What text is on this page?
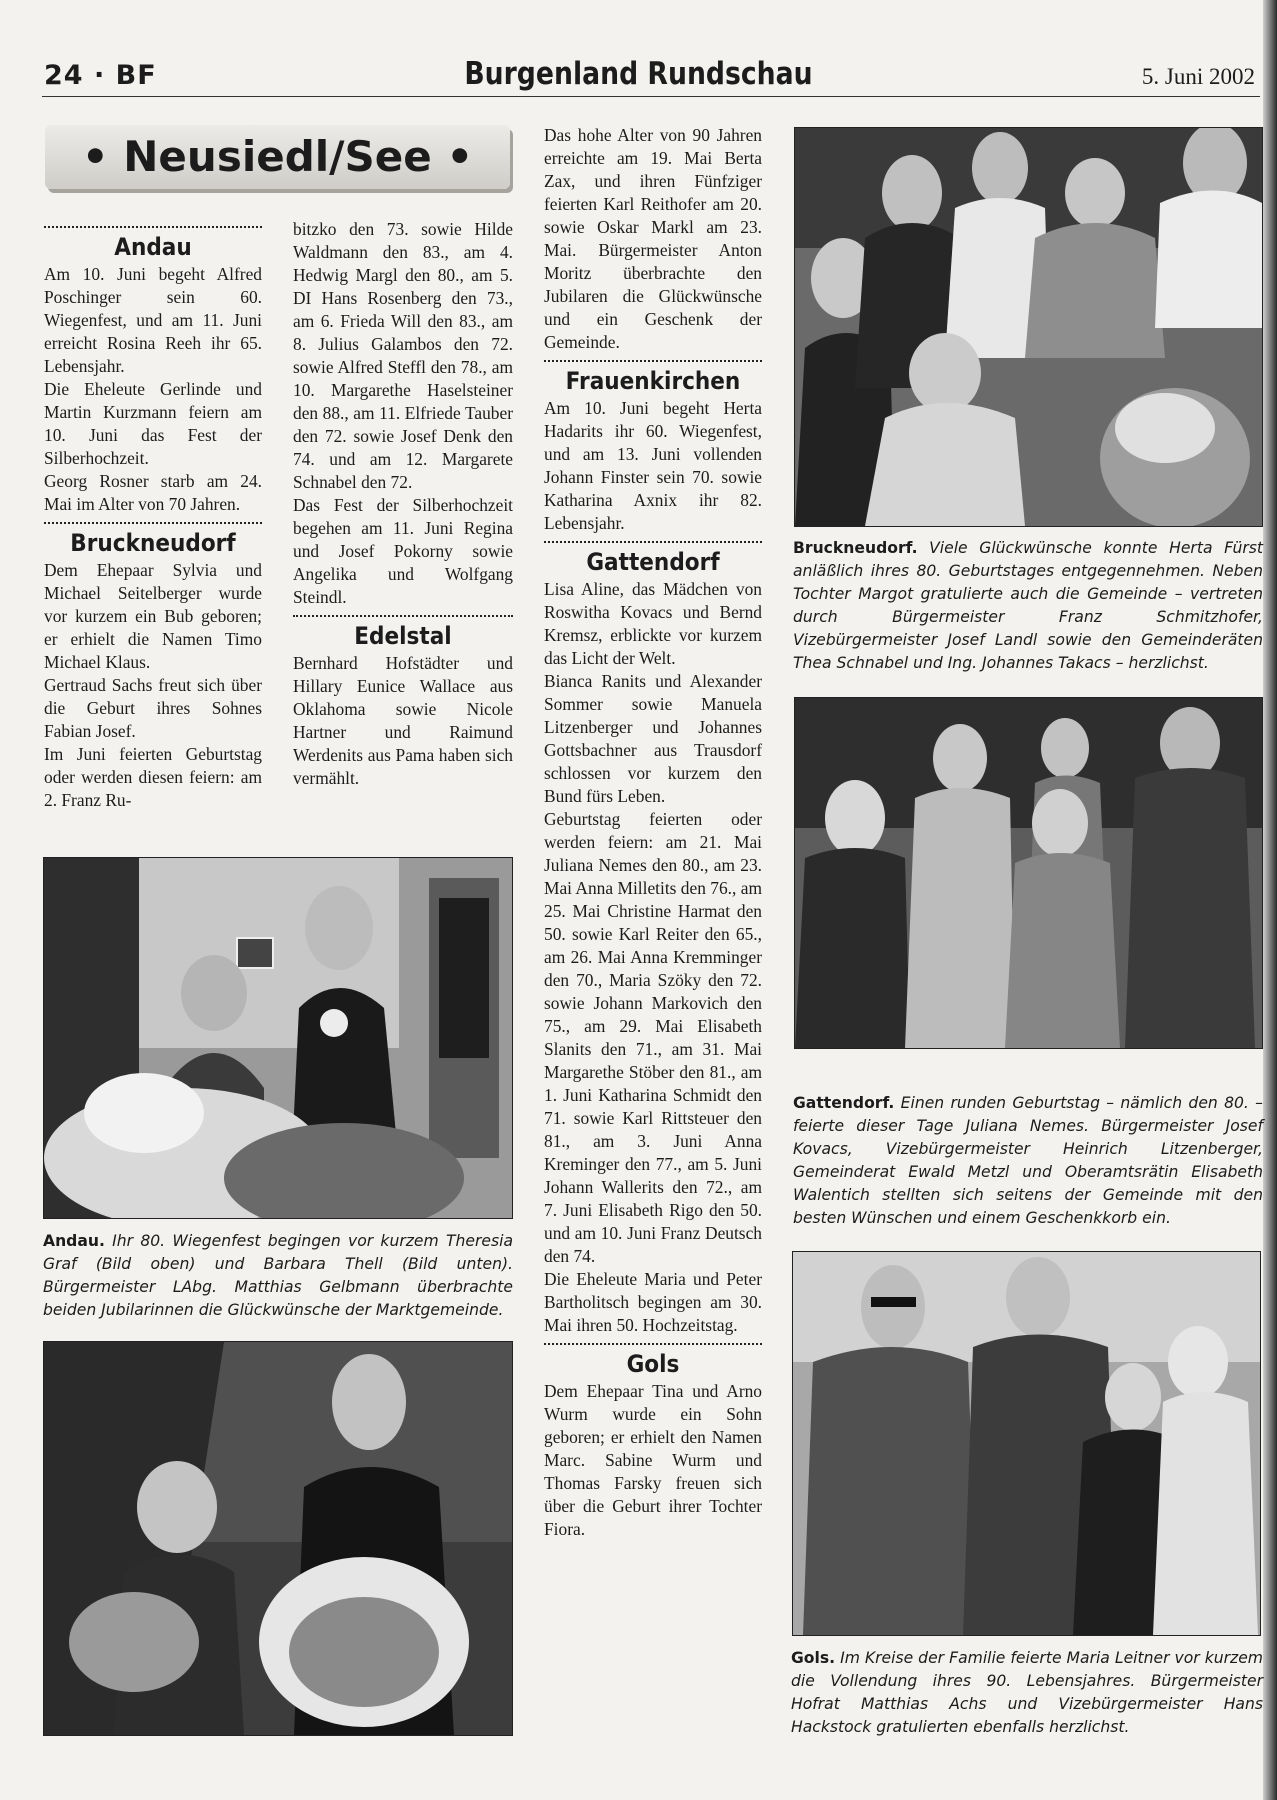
24 · BF	Burgenland Rundschau	5. Juni 2002
• Neusiedl/See •
Andau

Am 10. Juni begeht Alfred Poschinger sein 60. Wiegenfest, und am 11. Juni erreicht Rosina Reeh ihr 65. Lebensjahr.

Die Eheleute Gerlinde und Martin Kurzmann feiern am 10. Juni das Fest der Silberhochzeit.

Georg Rosner starb am 24. Mai im Alter von 70 Jahren.

Bruckneudorf

Dem Ehepaar Sylvia und Michael Seitelberger wurde vor kurzem ein Bub geboren; er erhielt die Namen Timo Michael Klaus.

Gertraud Sachs freut sich über die Geburt ihres Sohnes Fabian Josef.

Im Juni feierten Geburtstag oder werden diesen feiern: am 2. Franz Ru-

bitzko den 73. sowie Hilde Waldmann den 83., am 4. Hedwig Margl den 80., am 5. DI Hans Rosenberg den 73., am 6. Frieda Will den 83., am 8. Julius Galambos den 72. sowie Alfred Steffl den 78., am 10. Margarethe Haselsteiner den 88., am 11. Elfriede Tauber den 72. sowie Josef Denk den 74. und am 12. Margarete Schnabel den 72.

Das Fest der Silberhochzeit begehen am 11. Juni Regina und Josef Pokorny sowie Angelika und Wolfgang Steindl.

Edelstal

Bernhard Hofstädter und Hillary Eunice Wallace aus Oklahoma sowie Nicole Hartner und Raimund Werdenits aus Pama haben sich vermählt.

Das hohe Alter von 90 Jahren erreichte am 19. Mai Berta Zax, und ihren Fünfziger feierten Karl Reithofer am 20. sowie Oskar Markl am 23. Mai. Bürgermeister Anton Moritz überbrachte den Jubilaren die Glückwünsche und ein Geschenk der Gemeinde.

Frauenkirchen

Am 10. Juni begeht Herta Hadarits ihr 60. Wiegenfest, und am 13. Juni vollenden Johann Finster sein 70. sowie Katharina Axnix ihr 82. Lebensjahr.

Gattendorf

Lisa Aline, das Mädchen von Roswitha Kovacs und Bernd Kremsz, erblickte vor kurzem das Licht der Welt.

Bianca Ranits und Alexander Sommer sowie Manuela Litzenberger und Johannes Gottsbachner aus Trausdorf schlossen vor kurzem den Bund fürs Leben.

Geburtstag feierten oder werden feiern: am 21. Mai Juliana Nemes den 80., am 23. Mai Anna Milletits den 76., am 25. Mai Christine Harmat den 50. sowie Karl Reiter den 65., am 26. Mai Anna Kremminger den 70., Maria Szöky den 72. sowie Johann Markovich den 75., am 29. Mai Elisabeth Slanits den 71., am 31. Mai Margarethe Stöber den 81., am 1. Juni Katharina Schmidt den 71. sowie Karl Rittsteuer den 81., am 3. Juni Anna Kreminger den 77., am 5. Juni Johann Wallerits den 72., am 7. Juni Elisabeth Rigo den 50. und am 10. Juni Franz Deutsch den 74.

Die Eheleute Maria und Peter Bartholitsch begingen am 30. Mai ihren 50. Hochzeitstag.

Gols

Dem Ehepaar Tina und Arno Wurm wurde ein Sohn geboren; er erhielt den Namen Marc. Sabine Wurm und Thomas Farsky freuen sich über die Geburt ihrer Tochter Fiora.

Andau. Ihr 80. Wiegenfest begingen vor kurzem Theresia Graf (Bild oben) und Barbara Thell (Bild unten). Bürgermeister LAbg. Matthias Gelbmann überbrachte beiden Jubilarinnen die Glückwünsche der Marktgemeinde.
Bruckneudorf. Viele Glückwünsche konnte Herta Fürst anläßlich ihres 80. Geburtstages entgegennehmen. Neben Tochter Margot gratulierte auch die Gemeinde – vertreten durch Bürgermeister Franz Schmitzhofer, Vizebürgermeister Josef Landl sowie den Gemeinderäten Thea Schnabel und Ing. Johannes Takacs – herzlichst.
Gattendorf. Einen runden Geburtstag – nämlich den 80. – feierte dieser Tage Juliana Nemes. Bürgermeister Josef Kovacs, Vizebürgermeister Heinrich Litzenberger, Gemeinderat Ewald Metzl und Oberamtsrätin Elisabeth Walentich stellten sich seitens der Gemeinde mit den besten Wünschen und einem Geschenkkorb ein.
Gols. Im Kreise der Familie feierte Maria Leitner vor kurzem die Vollendung ihres 90. Lebensjahres. Bürgermeister Hofrat Matthias Achs und Vizebürgermeister Hans Hackstock gratulierten ebenfalls herzlichst.
